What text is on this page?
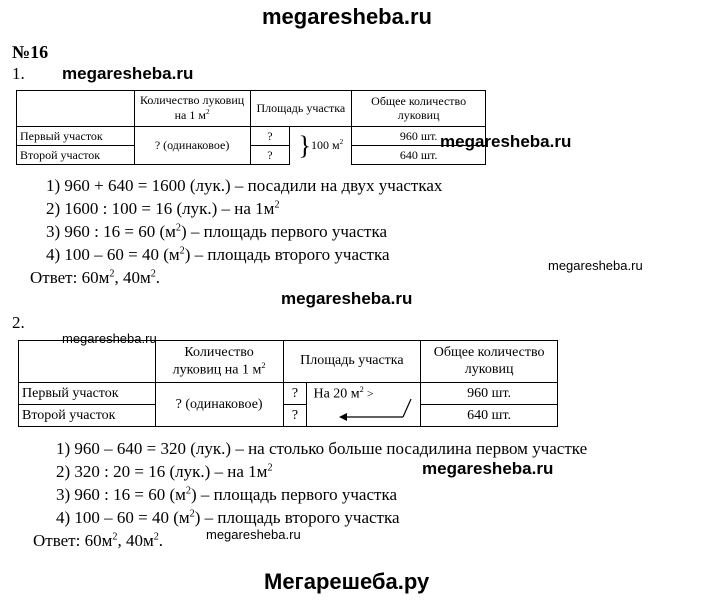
megaresheba.ru
megaresheba.ru
megaresheba.ru
megaresheba.ru
megaresheba.ru
megaresheba.ru
megaresheba.ru
megaresheba.ru
Мегарешеба.ру
№16
1.
	Количество луковиц на 1 $м^2$	Площадь участка		Общее количество луковиц
Первый участок	? (одинаковое)	?	}100 $м^2$	960 шт.
Второй участок		?		640 шт.
1) 960 + 640 = 1600 (лук.) – посадили на двух участках
2) 1600 : 100 = 16 (лук.) – на $1м^2$
3) 960 : 16 = 60 $(м^2)$ – площадь первого участка
4) 100 – 60 = 40 $(м^2)$ – площадь второго участка
Ответ: $60м^2$, $40м^2$.
2.
	Количество луковиц на 1 $м^2$	Площадь участка		Общее количество луковиц
Первый участок	? (одинаковое)	?	На 20 $м^2$ >	960 шт.
Второй участок		?		640 шт.
1) 960 – 640 = 320 (лук.) – на столько больше посадилина первом участке
2) 320 : 20 = 16 (лук.) – на $1м^2$
3) 960 : 16 = 60 $(м^2)$ – площадь первого участка
4) 100 – 60 = 40 $(м^2)$ – площадь второго участка
Ответ: $60м^2$, $40м^2$.
